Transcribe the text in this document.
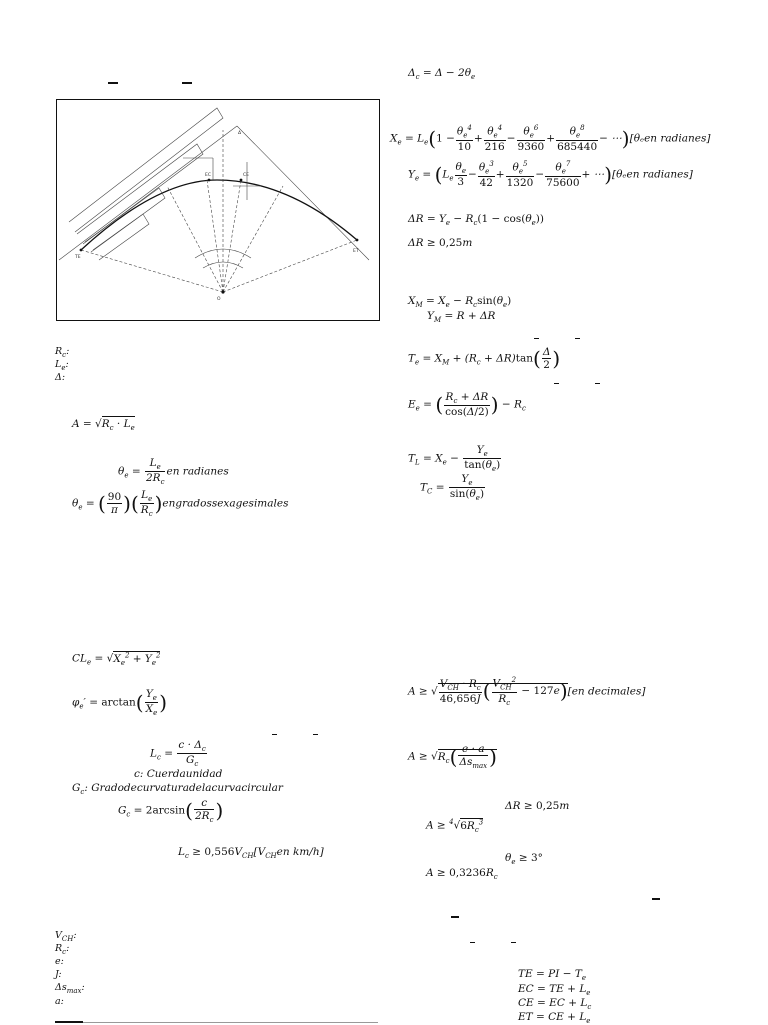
TE
ET
Δ
EC	CE
O
$R_c$:
$L_e$:
Δ:
$A = √R_c \cdot L_e$
$\theta_e = \frac{L_e}{2R_c}$ en radianes
$\theta_e$ = ( $\frac{90}{\pi}$ )( $\frac{L_e}{R_c}$ )engradossexagesimales
$CL_e = √X_e^2 + Y_e^2$
$\varphi_e' = \arctan( \frac{Y_e}{X_e}$ )
$L_c = \frac{c \cdot \Delta_c}{G_c}$
c: Cuerdaunidad
$G_c$: Gradodecurvaturadelacurvacircular
$G_c = 2\arcsin( \frac{c}{2R_c}$ )
$L_c \ge 0,556V_{CH}[V_{CH}en$ km/h]
$V_{CH}$:
$R_c$:
e:
J:
$\Delta s_{max}$:
a:
$\Delta_c = \Delta - 2\theta_e$
$X_e = L_e(1 - \frac{\theta_e^4}{10} + \frac{\theta_e^4}{216} - \frac{\theta_e^6}{9360} + \frac{\theta_e^8}{685440}$ − ⋯)[θₑen radianes]
$Y_e = (L_e \frac{\theta_e}{3} - \frac{\theta_e^3}{42} + \frac{\theta_e^5}{1320} - \frac{\theta_e^7}{75600}$ + ⋯)[θₑen radianes]
$\Delta R = Y_e - R_c(1 - \cos(\theta_e))$
ΔR ≥ 0,25m
$X_M = X_e - R_c\sin(\theta_e)$
$Y_M = R + \Delta R$
$T_e = X_M + (R_c + \Delta R)\tan( \frac{\Delta}{2}$ )
$E_e$ = ( $\frac{R_c + \Delta R}{\cos(\Delta/2)}$ ) − $R_c$
$T_L = X_e - \frac{Y_e}{\tan(\theta_e)}$
$T_C = \frac{Y_e}{\sin(\theta_e)}$
A ≥ √ $\frac{V_{CH} \cdot R_c}{46,656J}$ ( $\frac{V_{CH}^2}{R_c} - 127e)[en$ decimales]
$A \ge √R_c( \frac{e \cdot a}{\Delta s_{max}}$ )
ΔR ≥ 0,25m
$A \ge ^4√6R_c^3$
$\theta_e \ge 3^\circ$
$A \ge 0,3236R_c$
TE = PI − $T_e$
EC = TE + $L_e$
CE = EC + $L_c$
ET = CE + $L_e$
